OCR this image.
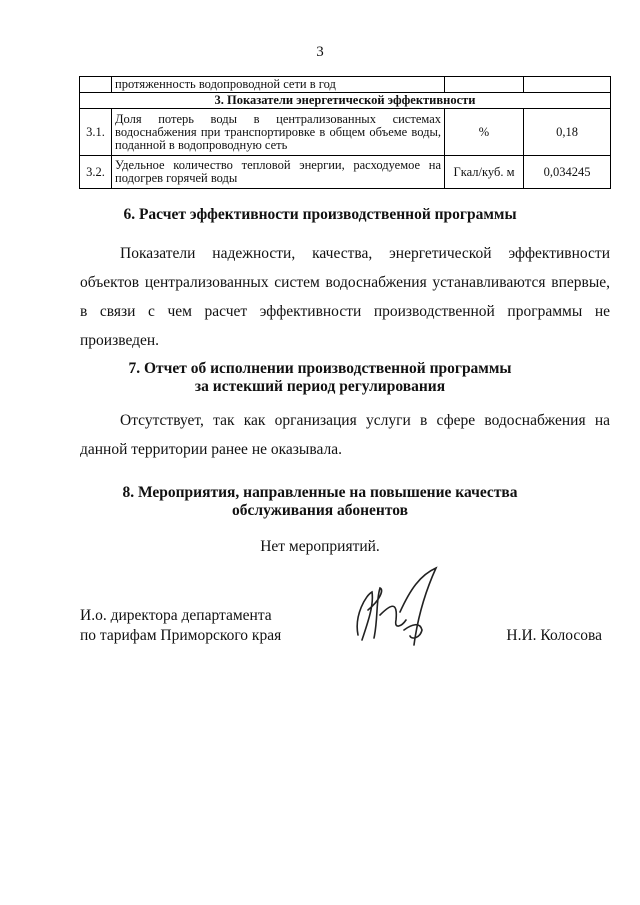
3
	протяженность водопроводной сети в год		
3. Показатели энергетической эффективности			
3.1.	Доля потерь воды в централизованных системах водоснабжения при транспортировке в общем объеме воды, поданной в водопроводную сеть	%	0,18
3.2.	Удельное количество тепловой энергии, расходуемое на подогрев горячей воды	Гкал/куб. м	0,034245
6. Расчет эффективности производственной программы
Показатели надежности, качества, энергетической эффективности объектов централизованных систем водоснабжения устанавливаются впервые, в связи с чем расчет эффективности производственной программы не произведен.
7. Отчет об исполнении производственной программы
за истекший период регулирования
Отсутствует, так как организация услуги в сфере водоснабжения на данной территории ранее не оказывала.
8. Мероприятия, направленные на повышение качества
обслуживания абонентов
Нет мероприятий.
И.о. директора департамента
по тарифам Приморского края	Н.И. Колосова
